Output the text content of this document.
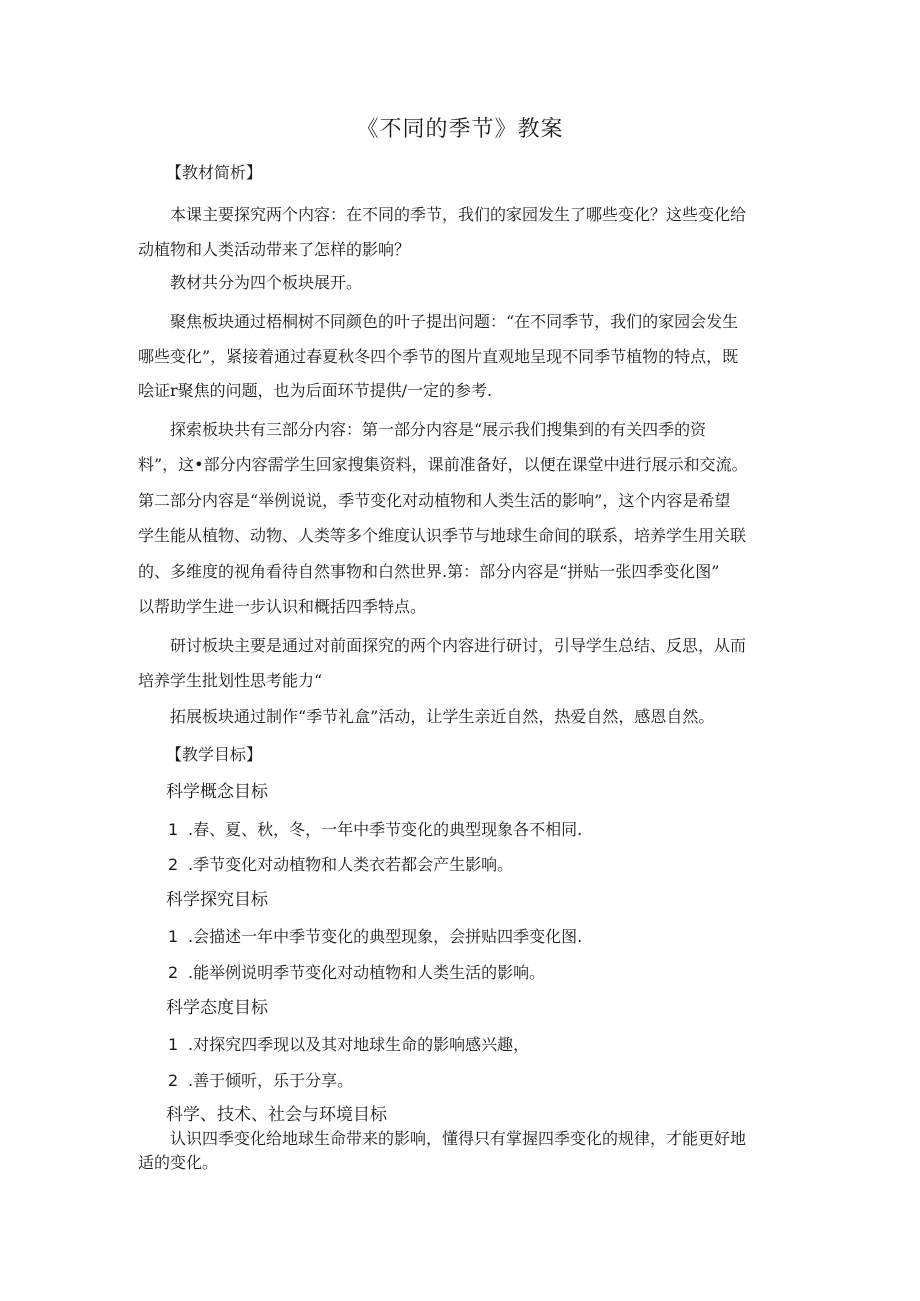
《不同的季节》教案
【教材简析】
本课主要探究两个内容：在不同的季节，我们的家园发生了哪些变化？这些变化给
动植物和人类活动带来了怎样的影响？
教材共分为四个板块展开。
聚焦板块通过梧桐树不同颜色的叶子提出问题：“在不同季节，我们的家园会发生
哪些变化”，紧接着通过春夏秋冬四个季节的图片直观地呈现不同季节植物的特点，既
哙证r聚焦的问题，也为后面环节提供/一定的参考.
探索板块共有三部分内容：第一部分内容是“展示我们搜集到的有关四季的资
料”，这•部分内容需学生回家搜集资料，课前准备好，以便在课堂中进行展示和交流。
第二部分内容是“举例说说，季节变化对动植物和人类生活的影响”，这个内容是希望
学生能从植物、动物、人类等多个维度认识季节与地球生命间的联系，培养学生用关联
的、多维度的视角看待自然事物和白然世界.第：部分内容是“拼贴一张四季变化图”
以帮助学生进一步认识和概括四季特点。
研讨板块主要是通过对前面探究的两个内容进行研讨，引导学生总结、反思，从而
培养学生批划性思考能力“
拓展板块通过制作“季节礼盒”活动，让学生亲近自然，热爱自然，感恩自然。
【教学目标】
科学概念目标
1 .春、夏、秋，冬，一年中季节变化的典型现象各不相同.
2 .季节变化对动植物和人类衣若都会产生影响。
科学探究目标
1 .会描述一年中季节变化的典型现象，会拼贴四季变化图.
2 .能举例说明季节变化对动植物和人类生活的影响。
科学态度目标
1 .对探究四季现以及其对地球生命的影响感兴趣，
2 .善于倾听，乐于分享。
科学、技术、社会与环境目标
认识四季变化给地球生命带来的影响，懂得只有掌握四季变化的规律，才能更好地
适的变化。
